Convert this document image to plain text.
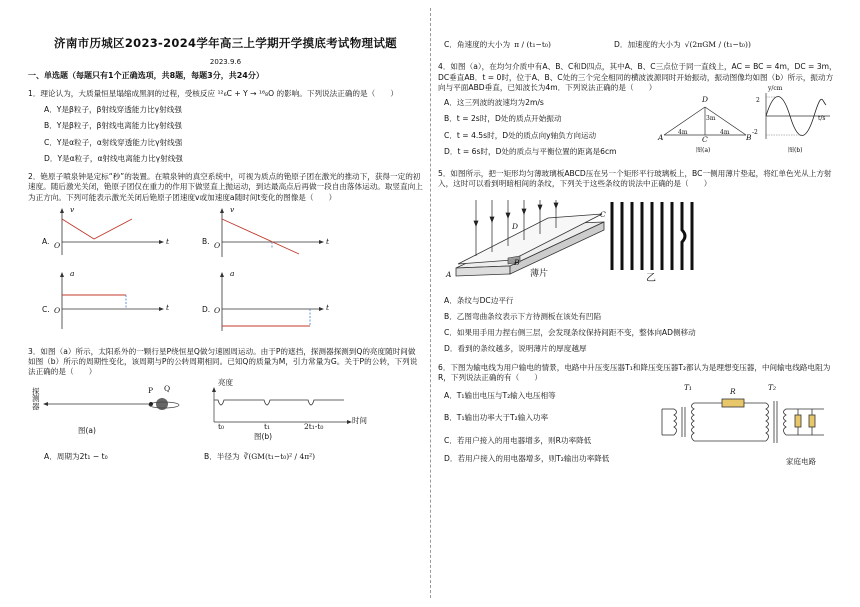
济南市历城区2023-2024学年高三上学期开学摸底考试物理试题
2023.9.6
一、单选题（每题只有1个正确选项，共8题，每题3分，共24分）

1．理论认为，大质量恒星塌缩成黑洞的过程，受核反应 ¹²₆C + Y → ¹⁶₈O 的影响。下列说法正确的是（　　）

A．Y是β粒子，β射线穿透能力比γ射线强
B．Y是β粒子，β射线电离能力比γ射线强
C．Y是α粒子，α射线穿透能力比γ射线强
D．Y是α粒子，α射线电离能力比γ射线强

2．铯原子喷泉钟是定标“秒”的装置。在喷泉钟的真空系统中，可视为质点的铯原子团在激光的推动下，获得一定的初速度。随后激光关闭，铯原子团仅在重力的作用下做竖直上抛运动，到达最高点后再做一段自由落体运动。取竖直向上为正方向。下列可能表示激光关闭后铯原子团速度v或加速度a随时间t变化的图像是（　　）

A.
v
O	t	B.
v
O	t
C.
a
O	t	D.
a
O	t

3．如图（a）所示，太阳系外的一颗行星P绕恒星Q做匀速圆周运动。由于P的遮挡，探测器探测到Q的亮度随时间做如图（b）所示的周期性变化，该周期与P的公转周期相同。已知Q的质量为M，引力常量为G。关于P的公转，下列说法正确的是（　　）

探测器
P Q
图(a)
亮度
t₀	t₁	2t₁-t₀
时间
图(b)
A．周期为2t₁ − t₀	B．半径为 ∛(GM(t₁−t₀)² / 4π²)
C．角速度的大小为 π / (t₁−t₀)	D．加速度的大小为 √(2πGM / (t₁−t₀))

4．如图（a），在均匀介质中有A、B、C和D四点，其中A、B、C三点位于同一直线上，AC = BC = 4m，DC = 3m，DC垂直AB．t = 0时，位于A、B、C处的三个完全相同的横波波源同时开始振动，振动图像均如图（b）所示，振动方向与平面ABD垂直，已知波长为4m．下列说法正确的是（　　）

A．这三列波的波速均为2m/s
B．t = 2s时，D处的质点开始振动
C．t = 4.5s时，D处的质点向y轴负方向运动
D．t = 6s时，D处的质点与平衡位置的距离是6cm
D
A	C	B
4m	4m
3m
图(a)
y/cm
2
-2
t/s
图(b)

5．如图所示，把一矩形均匀薄玻璃板ABCD压在另一个矩形平行玻璃板上，BC一侧用薄片垫起，将红单色光从上方射入，这时可以看到明暗相间的条纹，下列关于这些条纹的说法中正确的是（　　）

A
B
C
D
薄片	乙
A．条纹与DC边平行
B．乙图弯曲条纹表示下方待测板在该处有凹陷
C．如果用手用力捏右侧三层，会发现条纹保持间距不变，整体向AD侧移动
D．看到的条纹越多，说明薄片的厚度越厚

6．下图为输电线为用户输电的情景，电路中升压变压器T₁和降压变压器T₂都认为是理想变压器，中间输电线路电阻为R，下列说法正确的有（　　）

A．T₁输出电压与T₂输入电压相等
B．T₁输出功率大于T₂输入功率
C．若用户接入的用电器增多，则R功率降低
D．若用户接入的用电器增多，则T₂输出功率降低
T₁	R	T₂
家庭电路
